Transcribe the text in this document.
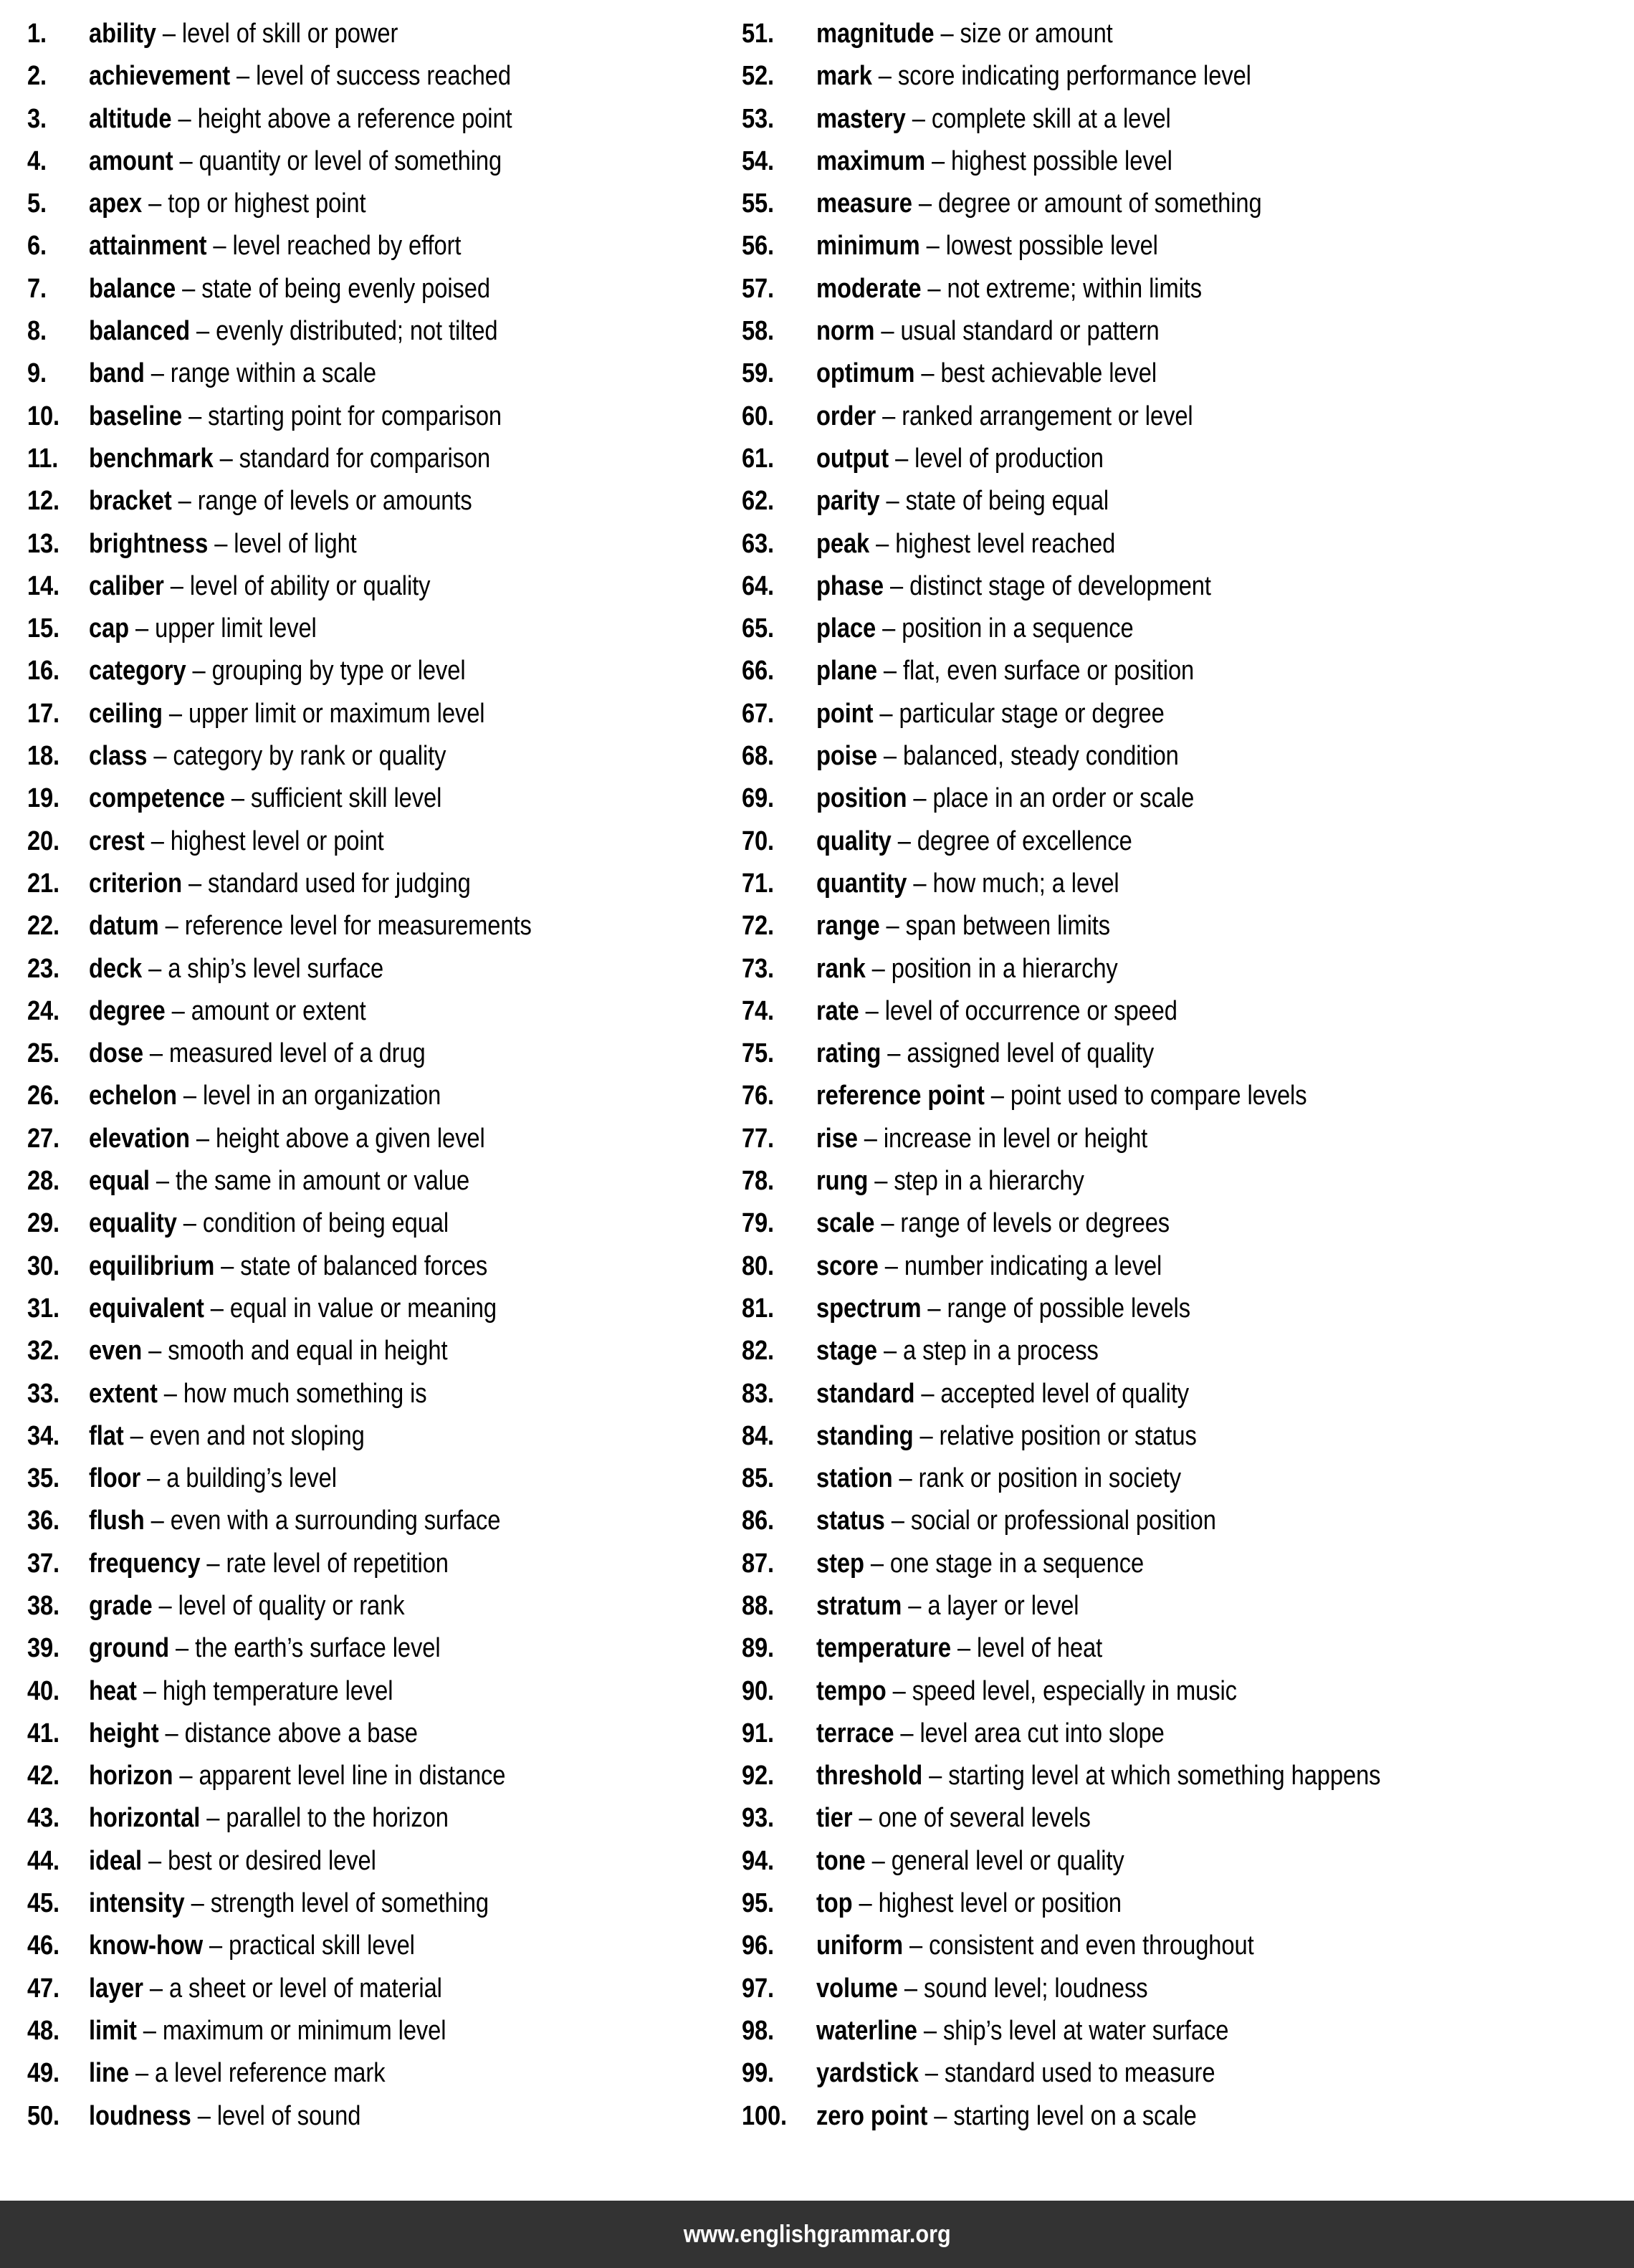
1.	ability – level of skill or power
2.	achievement – level of success reached
3.	altitude – height above a reference point
4.	amount – quantity or level of something
5.	apex – top or highest point
6.	attainment – level reached by effort
7.	balance – state of being evenly poised
8.	balanced – evenly distributed; not tilted
9.	band – range within a scale
10.	baseline – starting point for comparison
11.	benchmark – standard for comparison
12.	bracket – range of levels or amounts
13.	brightness – level of light
14.	caliber – level of ability or quality
15.	cap – upper limit level
16.	category – grouping by type or level
17.	ceiling – upper limit or maximum level
18.	class – category by rank or quality
19.	competence – sufficient skill level
20.	crest – highest level or point
21.	criterion – standard used for judging
22.	datum – reference level for measurements
23.	deck – a ship’s level surface
24.	degree – amount or extent
25.	dose – measured level of a drug
26.	echelon – level in an organization
27.	elevation – height above a given level
28.	equal – the same in amount or value
29.	equality – condition of being equal
30.	equilibrium – state of balanced forces
31.	equivalent – equal in value or meaning
32.	even – smooth and equal in height
33.	extent – how much something is
34.	flat – even and not sloping
35.	floor – a building’s level
36.	flush – even with a surrounding surface
37.	frequency – rate level of repetition
38.	grade – level of quality or rank
39.	ground – the earth’s surface level
40.	heat – high temperature level
41.	height – distance above a base
42.	horizon – apparent level line in distance
43.	horizontal – parallel to the horizon
44.	ideal – best or desired level
45.	intensity – strength level of something
46.	know-how – practical skill level
47.	layer – a sheet or level of material
48.	limit – maximum or minimum level
49.	line – a level reference mark
50.	loudness – level of sound
51.	magnitude – size or amount
52.	mark – score indicating performance level
53.	mastery – complete skill at a level
54.	maximum – highest possible level
55.	measure – degree or amount of something
56.	minimum – lowest possible level
57.	moderate – not extreme; within limits
58.	norm – usual standard or pattern
59.	optimum – best achievable level
60.	order – ranked arrangement or level
61.	output – level of production
62.	parity – state of being equal
63.	peak – highest level reached
64.	phase – distinct stage of development
65.	place – position in a sequence
66.	plane – flat, even surface or position
67.	point – particular stage or degree
68.	poise – balanced, steady condition
69.	position – place in an order or scale
70.	quality – degree of excellence
71.	quantity – how much; a level
72.	range – span between limits
73.	rank – position in a hierarchy
74.	rate – level of occurrence or speed
75.	rating – assigned level of quality
76.	reference point – point used to compare levels
77.	rise – increase in level or height
78.	rung – step in a hierarchy
79.	scale – range of levels or degrees
80.	score – number indicating a level
81.	spectrum – range of possible levels
82.	stage – a step in a process
83.	standard – accepted level of quality
84.	standing – relative position or status
85.	station – rank or position in society
86.	status – social or professional position
87.	step – one stage in a sequence
88.	stratum – a layer or level
89.	temperature – level of heat
90.	tempo – speed level, especially in music
91.	terrace – level area cut into slope
92.	threshold – starting level at which something happens
93.	tier – one of several levels
94.	tone – general level or quality
95.	top – highest level or position
96.	uniform – consistent and even throughout
97.	volume – sound level; loudness
98.	waterline – ship’s level at water surface
99.	yardstick – standard used to measure
100.	zero point – starting level on a scale
www.englishgrammar.org
